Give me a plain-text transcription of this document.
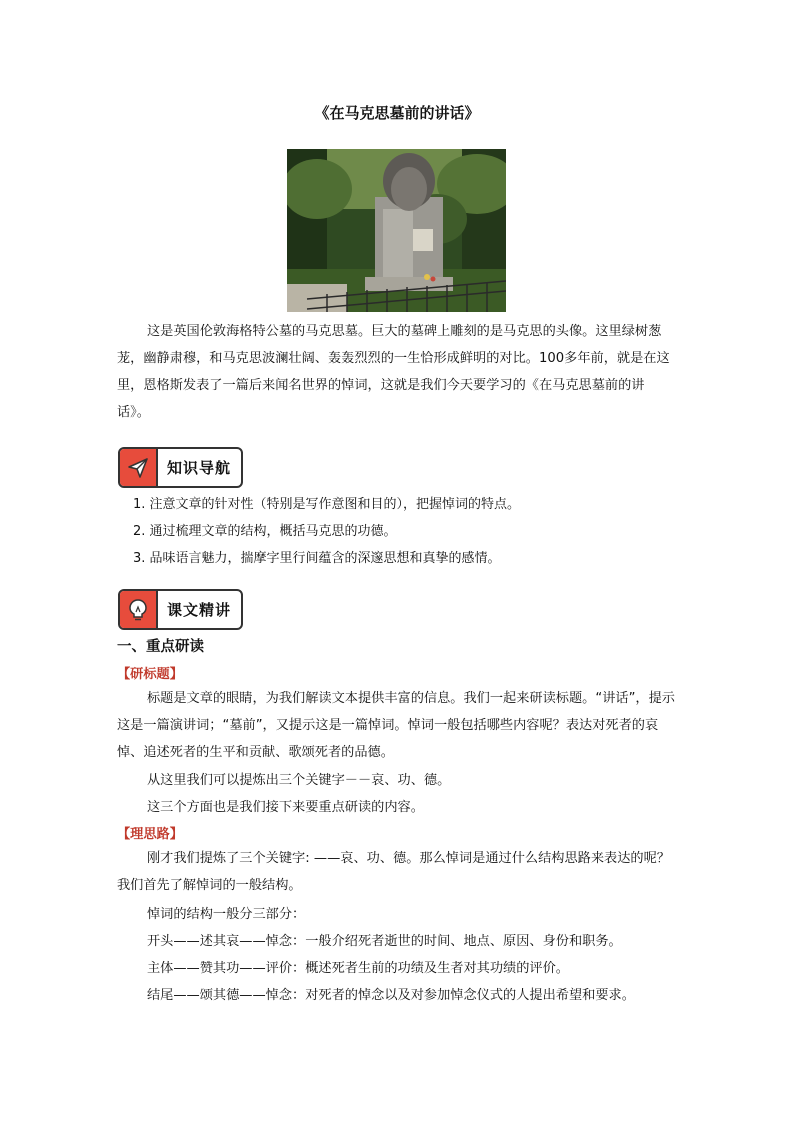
《在马克思墓前的讲话》
这是英国伦敦海格特公墓的马克思墓。巨大的墓碑上雕刻的是马克思的头像。这里绿树葱茏，幽静肃穆，和马克思波澜壮阔、轰轰烈烈的一生恰形成鲜明的对比。100多年前，就是在这里，恩格斯发表了一篇后来闻名世界的悼词，这就是我们今天要学习的《在马克思墓前的讲话》。
知识导航
1. 注意文章的针对性（特别是写作意图和目的），把握悼词的特点。
2. 通过梳理文章的结构，概括马克思的功德。
3. 品味语言魅力，揣摩字里行间蕴含的深邃思想和真挚的感情。
课文精讲
一、重点研读
【研标题】
标题是文章的眼睛，为我们解读文本提供丰富的信息。我们一起来研读标题。“讲话”，提示这是一篇演讲词；“墓前”，又提示这是一篇悼词。悼词一般包括哪些内容呢？表达对死者的哀悼、追述死者的生平和贡献、歌颂死者的品德。
从这里我们可以提炼出三个关键字－－哀、功、德。
这三个方面也是我们接下来要重点研读的内容。
【理思路】
刚才我们提炼了三个关键字: ——哀、功、德。那么悼词是通过什么结构思路来表达的呢？我们首先了解悼词的一般结构。
悼词的结构一般分三部分：
开头——述其哀——悼念：一般介绍死者逝世的时间、地点、原因、身份和职务。
主体——赞其功——评价：概述死者生前的功绩及生者对其功绩的评价。
结尾——颂其德——悼念：对死者的悼念以及对参加悼念仪式的人提出希望和要求。
